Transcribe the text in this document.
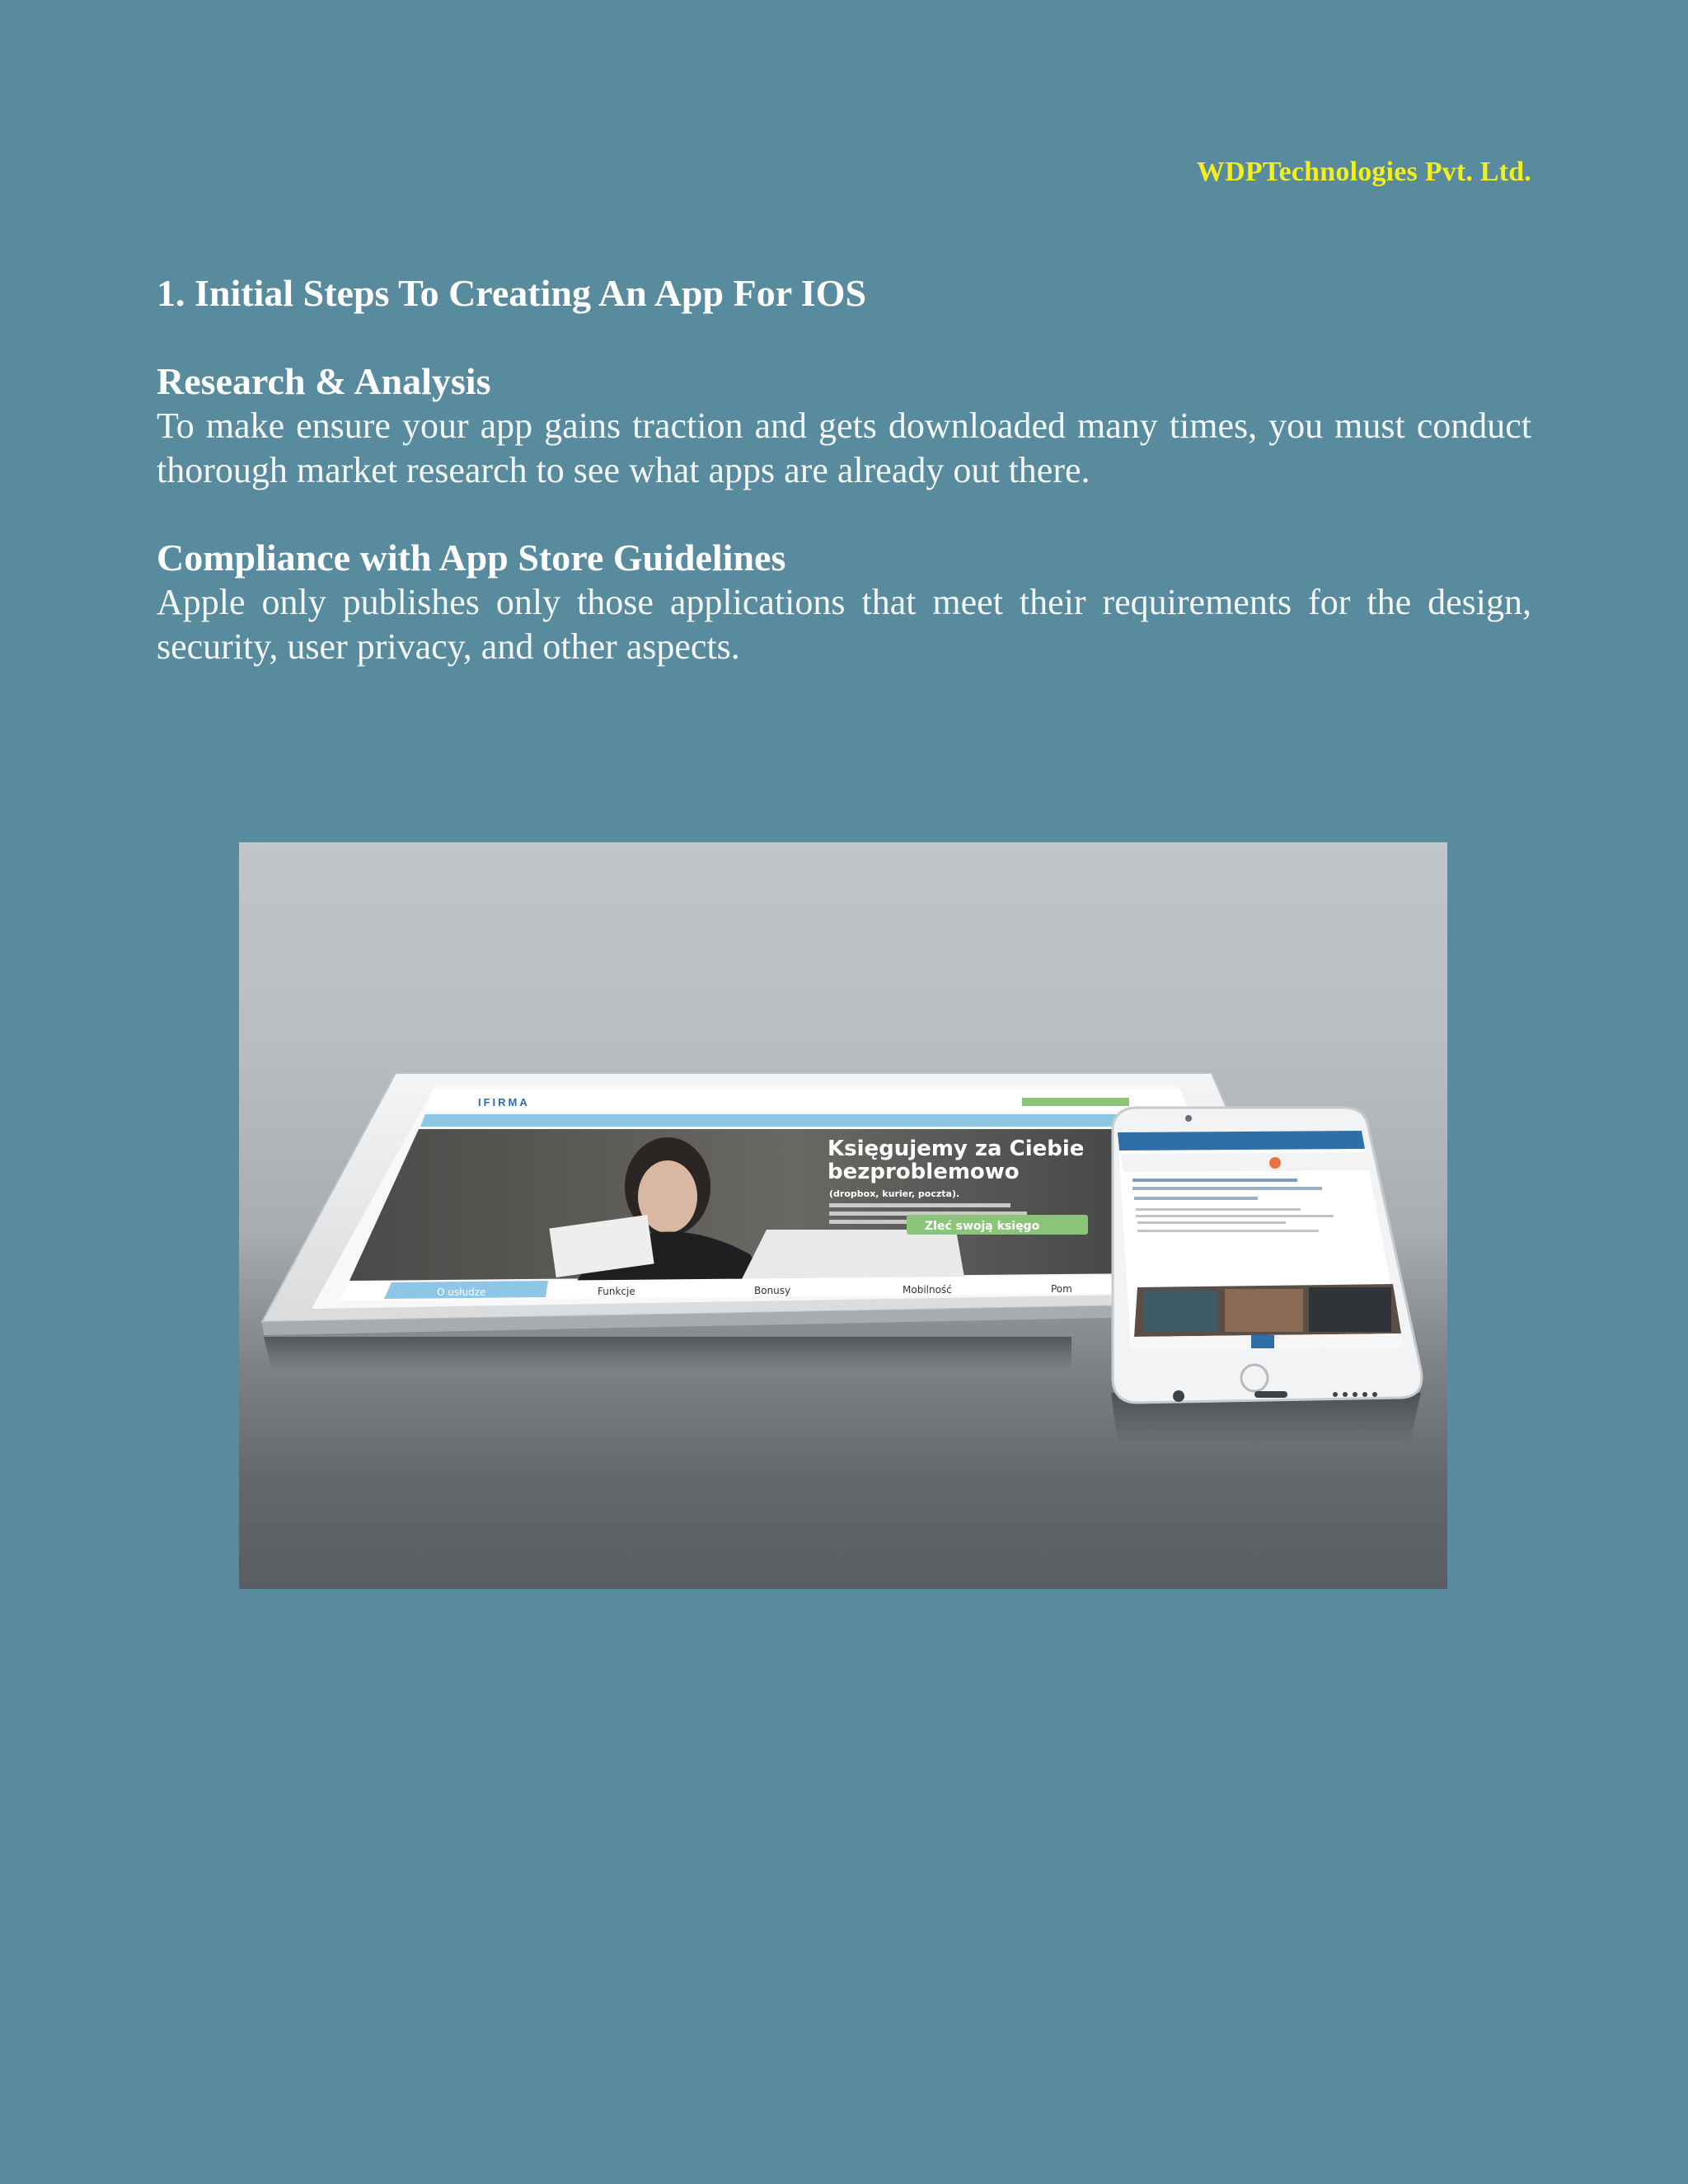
WDPTechnologies Pvt. Ltd.
1. Initial Steps To Creating An App For IOS
Research & Analysis

To make ensure your app gains traction and gets downloaded many times, you must conduct thorough market research to see what apps are already out there.

Compliance with App Store Guidelines

Apple only publishes only those applications that meet their requirements for the design, security, user privacy, and other aspects.

IFIRMA
Księgujemy za Ciebie
bezproblemowo
(dropbox, kurier, poczta).
Zleć swoją księgo
O usłudze	Funkcje	Bonusy	Mobilność	Pom
